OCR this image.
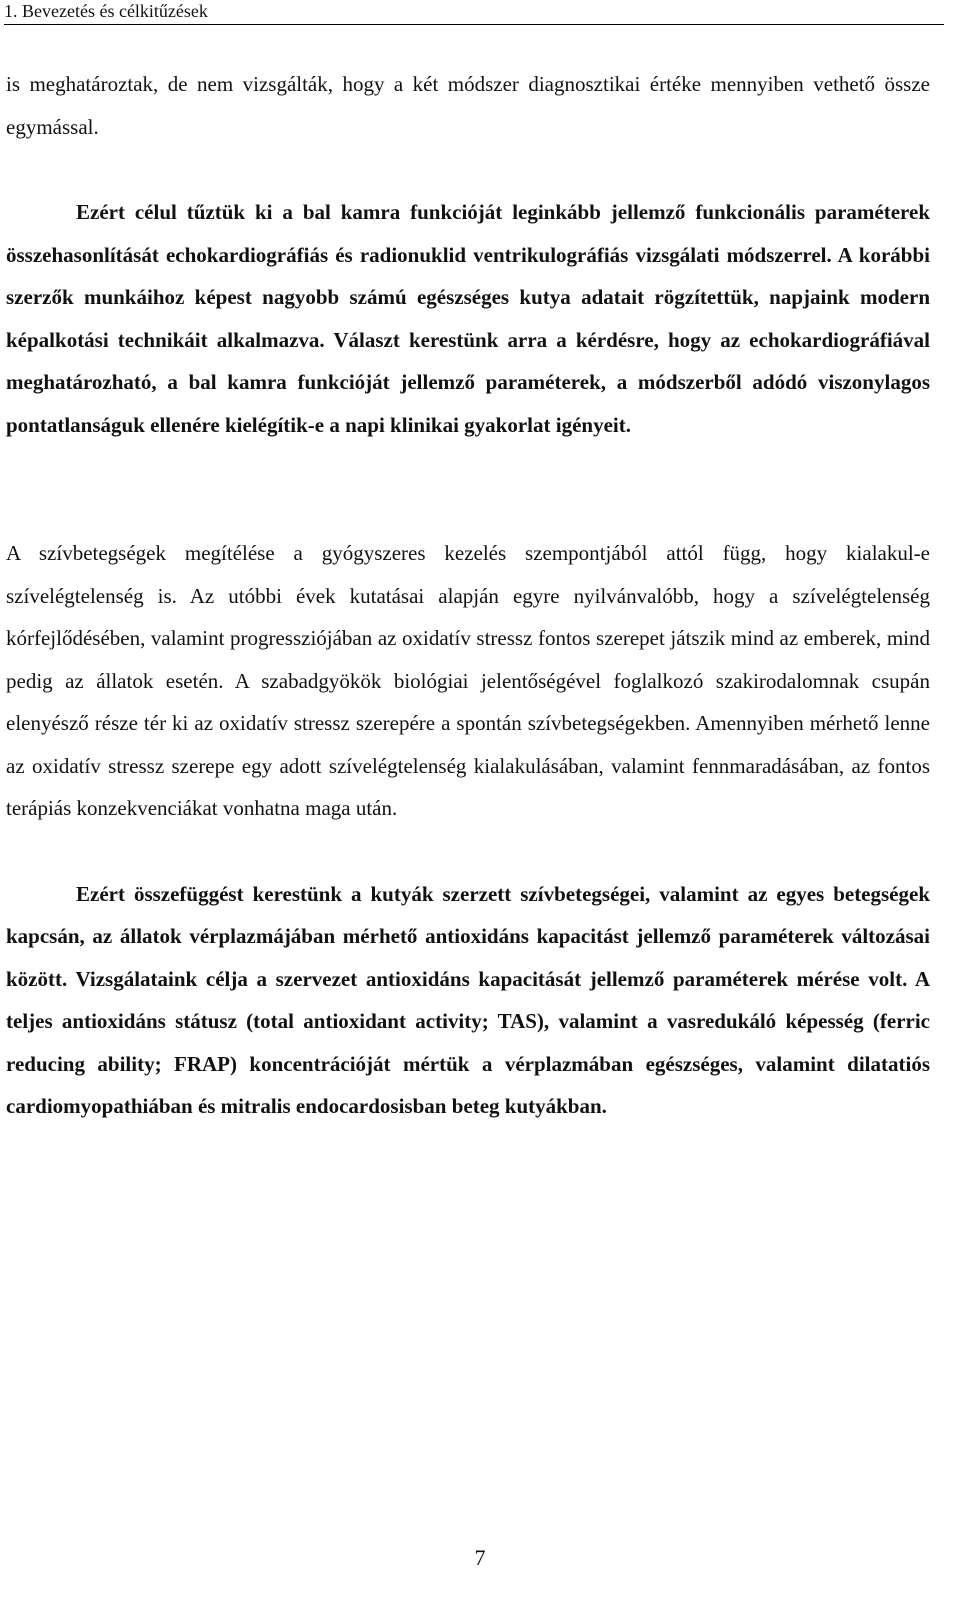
1. Bevezetés és célkitűzések

is meghatároztak, de nem vizsgálták, hogy a két módszer diagnosztikai értéke mennyiben vethető össze egymással.

Ezért célul tűztük ki a bal kamra funkcióját leginkább jellemző funkcionális paraméterek összehasonlítását echokardiográfiás és radionuklid ventrikulográfiás vizsgálati módszerrel. A korábbi szerzők munkáihoz képest nagyobb számú egészséges kutya adatait rögzítettük, napjaink modern képalkotási technikáit alkalmazva. Választ kerestünk arra a kérdésre, hogy az echokardiográfiával meghatározható, a bal kamra funkcióját jellemző paraméterek, a módszerből adódó viszonylagos pontatlanságuk ellenére kielégítik-e a napi klinikai gyakorlat igényeit.

A szívbetegségek megítélése a gyógyszeres kezelés szempontjából attól függ, hogy kialakul-e szívelégtelenség is. Az utóbbi évek kutatásai alapján egyre nyilvánvalóbb, hogy a szívelégtelenség kórfejlődésében, valamint progressziójában az oxidatív stressz fontos szerepet játszik mind az emberek, mind pedig az állatok esetén. A szabadgyökök biológiai jelentőségével foglalkozó szakirodalomnak csupán elenyésző része tér ki az oxidatív stressz szerepére a spontán szívbetegségekben. Amennyiben mérhető lenne az oxidatív stressz szerepe egy adott szívelégtelenség kialakulásában, valamint fennmaradásában, az fontos terápiás konzekvenciákat vonhatna maga után.

Ezért összefüggést kerestünk a kutyák szerzett szívbetegségei, valamint az egyes betegségek kapcsán, az állatok vérplazmájában mérhető antioxidáns kapacitást jellemző paraméterek változásai között. Vizsgálataink célja a szervezet antioxidáns kapacitását jellemző paraméterek mérése volt. A teljes antioxidáns státusz (total antioxidant activity; TAS), valamint a vasredukáló képesség (ferric reducing ability; FRAP) koncentrációját mértük a vérplazmában egészséges, valamint dilatatiós cardiomyopathiában és mitralis endocardosisban beteg kutyákban.

7
